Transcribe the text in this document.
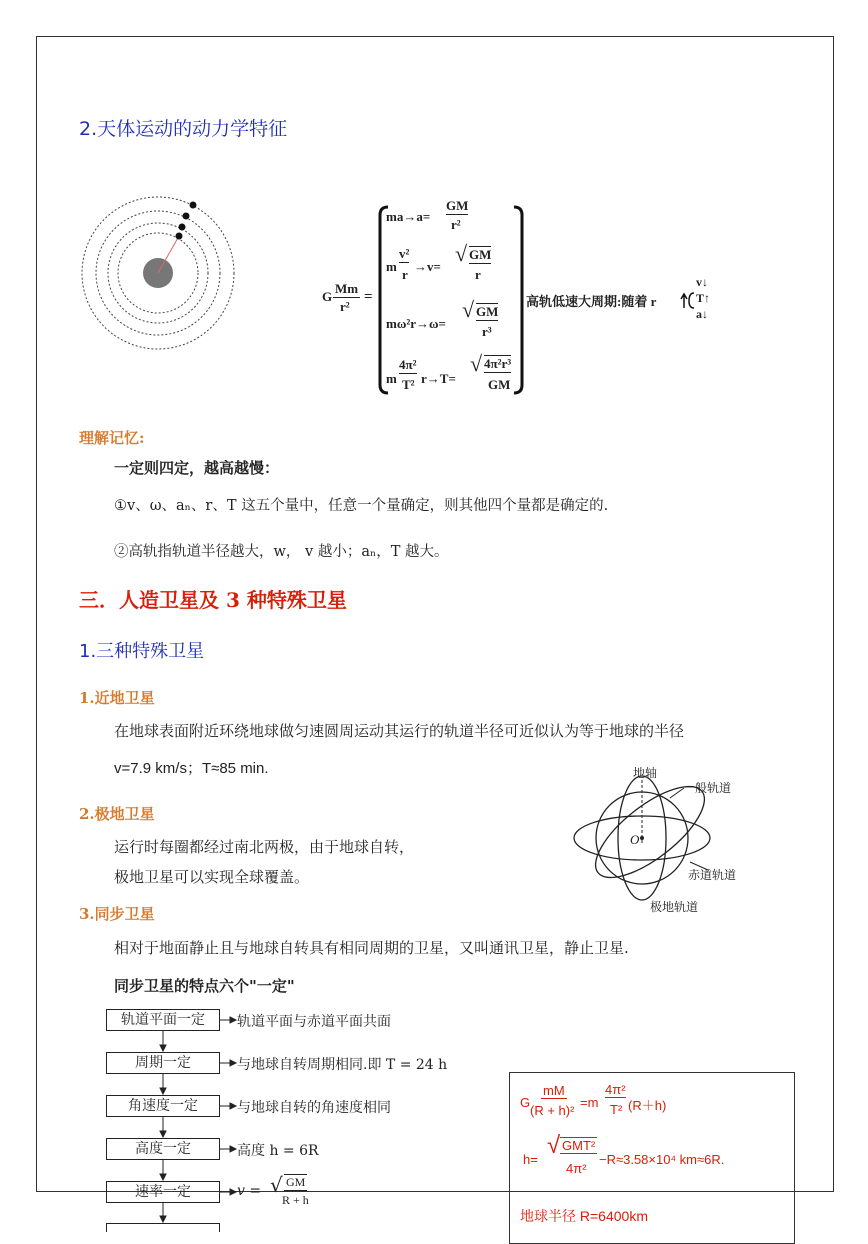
2.天体运动的动力学特征
G
Mm
r²
=
ma→a=
GM
r²
m
v²
r
→v=
√ GM
r
mω²r→ω=
√ GM
r³
m
4π²
T² r→T=
√ 4π²r³
GM
高轨低速大周期:随着 r
v↓
T↑
a↓
理解记忆:
一定则四定，越高越慢：
①v、ω、aₙ、r、T 这五个量中，任意一个量确定，则其他四个量都是确定的.
②高轨指轨道半径越大，w， v 越小；aₙ，T 越大。
三．人造卫星及 3 种特殊卫星
1.三种特殊卫星
1.近地卫星
在地球表面附近环绕地球做匀速圆周运动其运行的轨道半径可近似认为等于地球的半径
v=7.9 km/s；T≈85 min.
2.极地卫星
运行时每圈都经过南北两极，由于地球自转，
极地卫星可以实现全球覆盖。
地轴
一般轨道
O
赤道轨道
极地轨道
3.同步卫星
相对于地面静止且与地球自转具有相同周期的卫星，又叫通讯卫星，静止卫星.
同步卫星的特点六个"一定"
轨道平面一定
周期一定
角速度一定
高度一定
速率一定
轨道平面与赤道平面共面
与地球自转周期相同.即 T = 24 h
与地球自转的角速度相同
高度 h = 6R
v = √ GM
R + h
G
mM
(R + h)²
=m
4π²
T² (R＋h)
h=
√ GMT²
4π²
−R≈3.58×10⁴ km≈6R.
地球半径 R=6400km
